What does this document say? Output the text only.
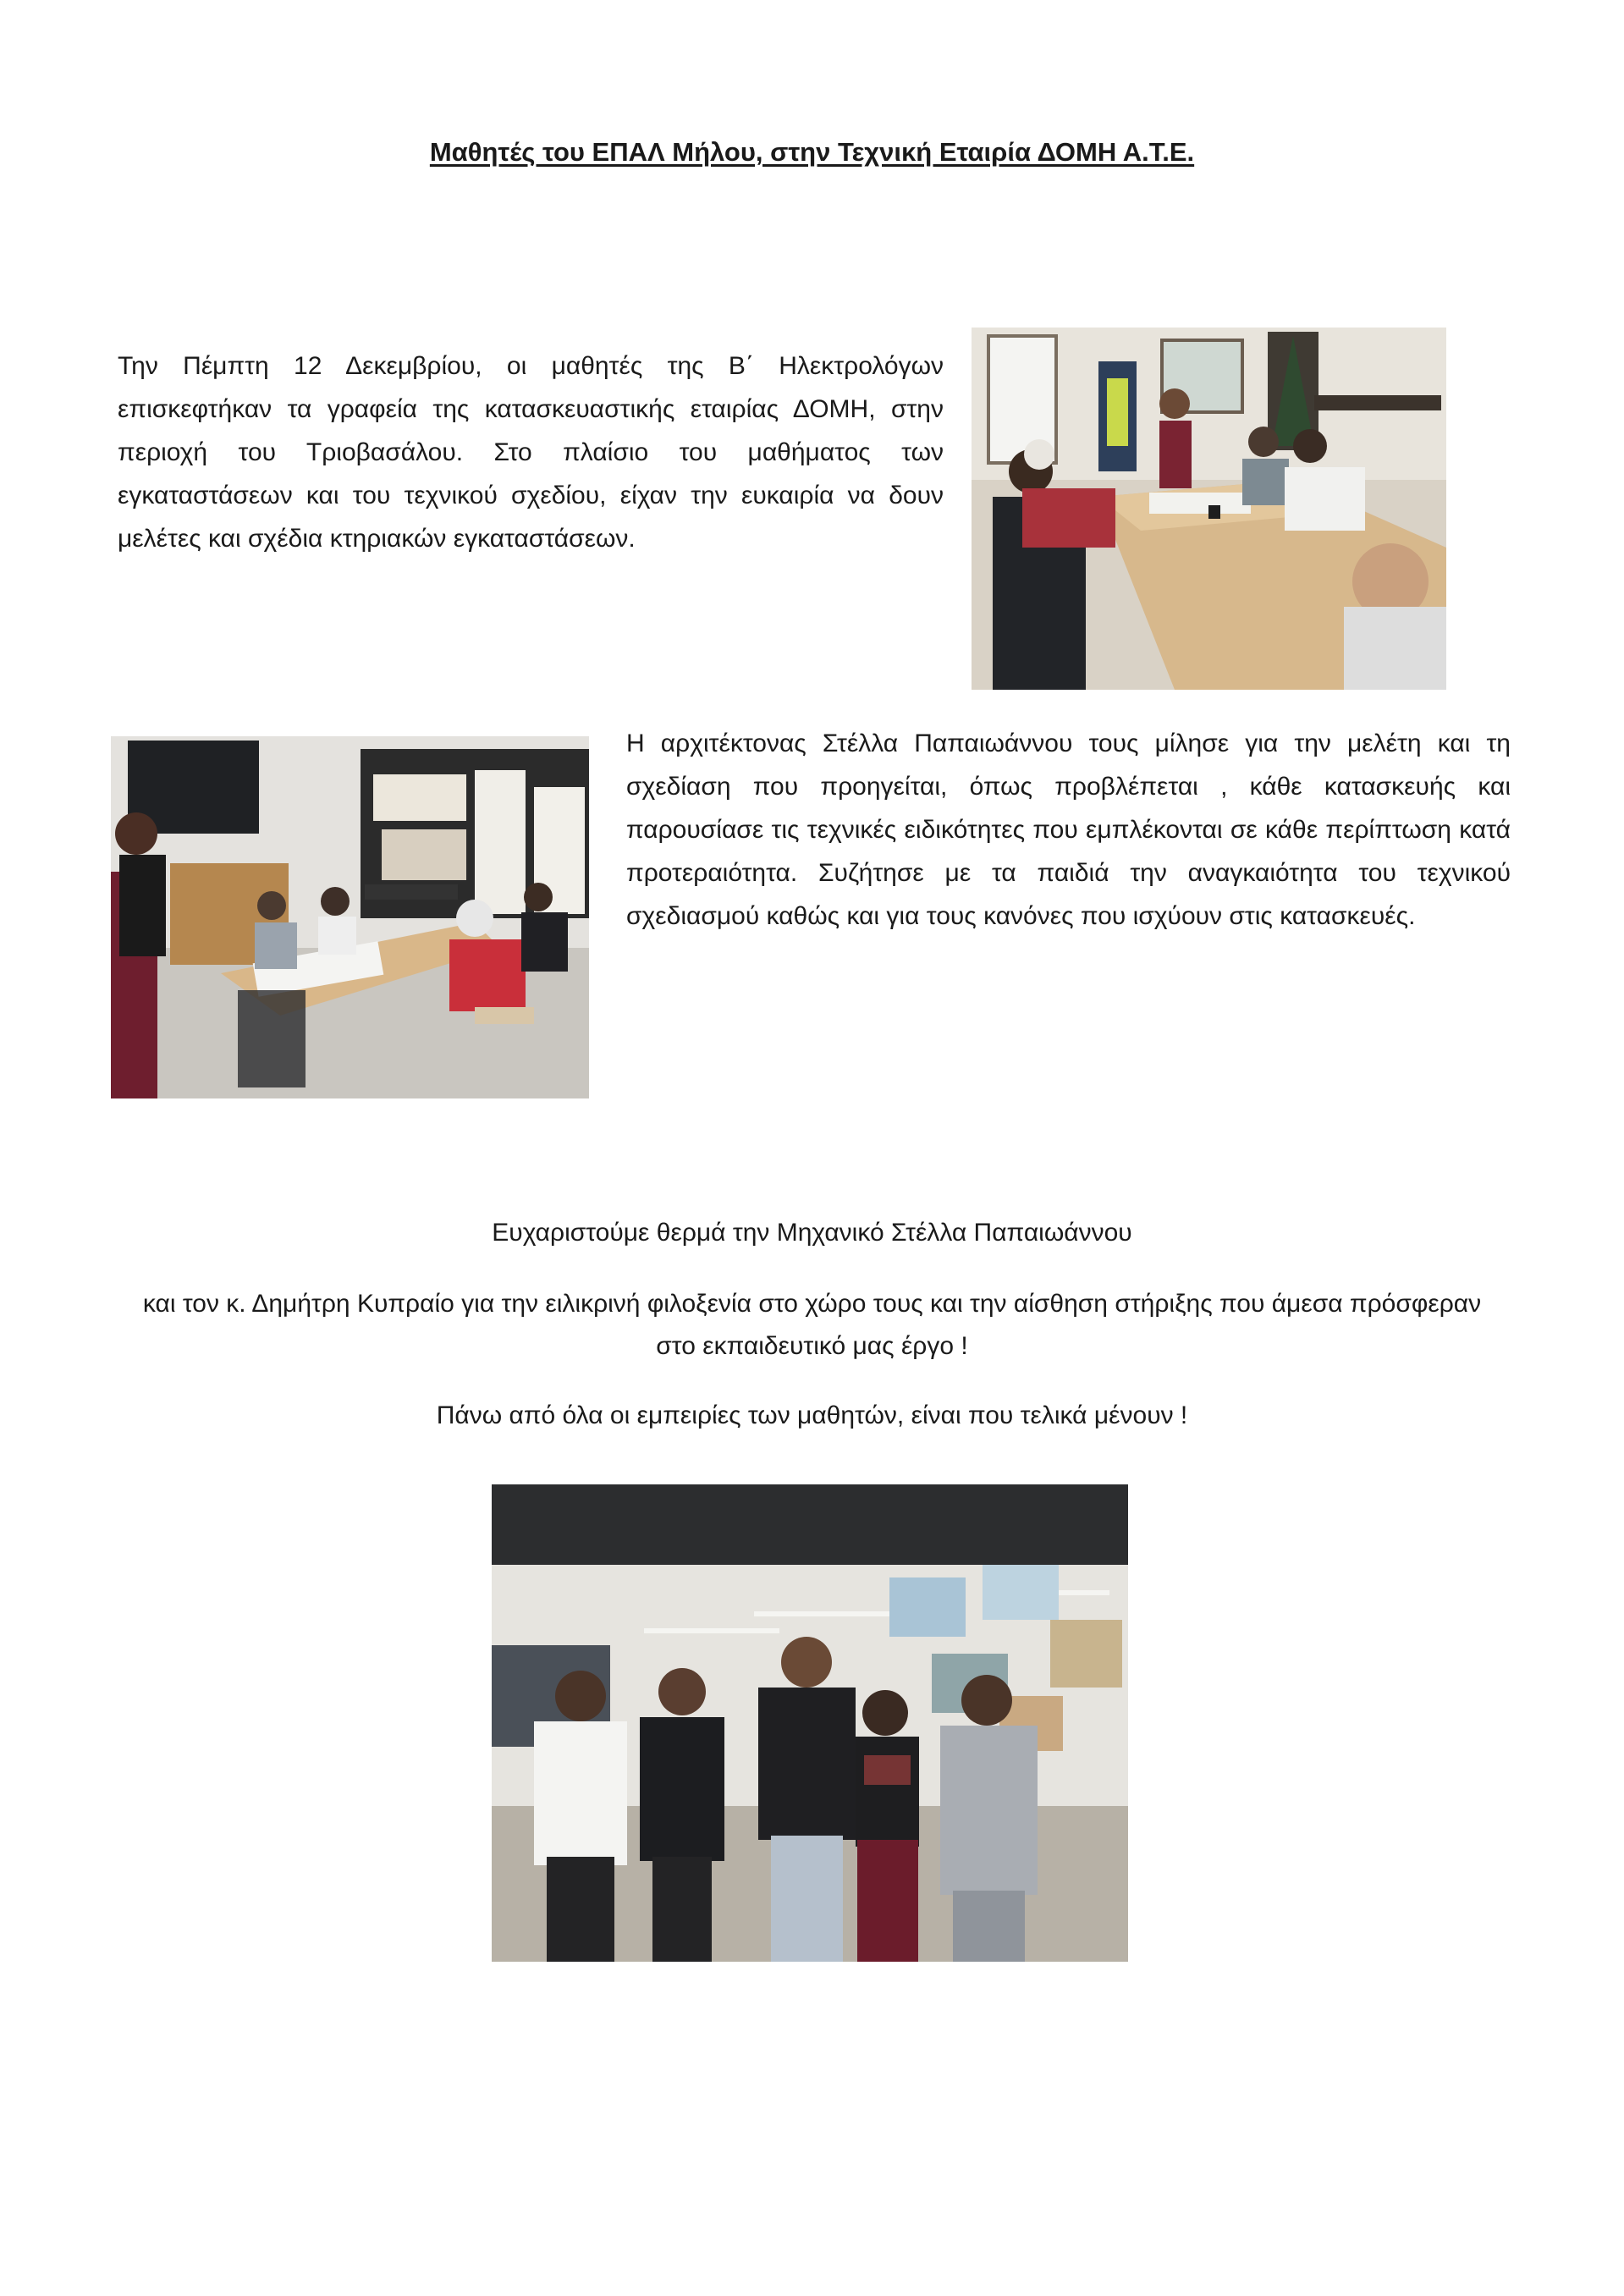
Μαθητές του ΕΠΑΛ Μήλου, στην Τεχνική Εταιρία ΔΟΜΗ Α.Τ.Ε.
Την Πέμπτη 12 Δεκεμβρίου, οι μαθητές της Β΄ Ηλεκτρολόγων επισκεφτήκαν τα γραφεία της κατασκευαστικής εταιρίας ΔΟΜΗ, στην περιοχή του Τριοβασάλου. Στο πλαίσιο του μαθήματος των εγκαταστάσεων και του τεχνικού σχεδίου, είχαν την ευκαιρία να δουν μελέτες και σχέδια κτηριακών εγκαταστάσεων.
Η αρχιτέκτονας Στέλλα Παπαιωάννου τους μίλησε για την μελέτη και τη σχεδίαση που προηγείται, όπως προβλέπεται , κάθε κατασκευής και παρουσίασε τις τεχνικές ειδικότητες που εμπλέκονται σε κάθε περίπτωση κατά προτεραιότητα. Συζήτησε με τα παιδιά την αναγκαιότητα του τεχνικού σχεδιασμού καθώς και για τους κανόνες που ισχύουν στις κατασκευές.
Ευχαριστούμε θερμά την Μηχανικό Στέλλα Παπαιωάννου
και τον κ. Δημήτρη Κυπραίο για την ειλικρινή φιλοξενία στο χώρο τους και την αίσθηση στήριξης που άμεσα πρόσφεραν στο εκπαιδευτικό μας έργο !
Πάνω από όλα οι εμπειρίες των μαθητών, είναι που τελικά μένουν !
